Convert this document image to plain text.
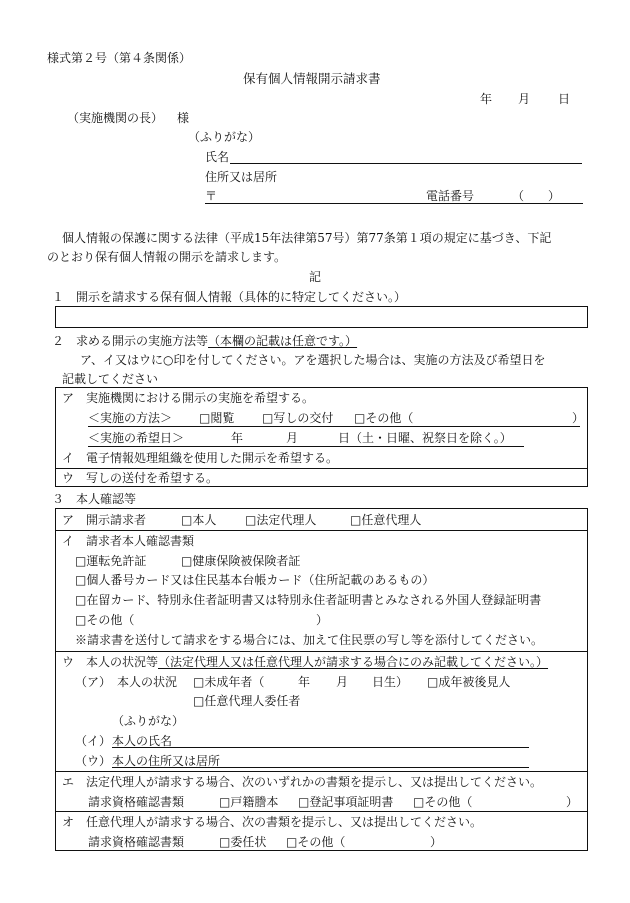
様式第２号（第４条関係）
保有個人情報開示請求書
年 月 日
（実施機関の長） 様
（ふりがな）
氏名
住所又は居所
〒	電話番号	（　　）
個人情報の保護に関する法律（平成15年法律第57号）第77条第１項の規定に基づき、下記
のとおり保有個人情報の開示を請求します。
記
１　開示を請求する保有個人情報（具体的に特定してください。）
２　求める開示の実施方法等（本欄の記載は任意です。）
ア、イ又はウに○印を付してください。アを選択した場合は、実施の方法及び希望日を
記載してください
ア　実施機関における開示の実施を希望する。
＜実施の方法＞ □閲覧 □写しの交付 □その他（	）
＜実施の希望日＞	年	月	日（土・日曜、祝祭日を除く。）
イ　電子情報処理組織を使用した開示を希望する。
ウ　写しの送付を希望する。
３　本人確認等
ア　開示請求者	□本人 □法定代理人	□任意代理人
イ　請求者本人確認書類
□運転免許証	□健康保険被保険者証
□個人番号カード又は住民基本台帳カード（住所記載のあるもの）
□在留カード、特別永住者証明書又は特別永住者証明書とみなされる外国人登録証明書
□その他（	）
※請求書を送付して請求をする場合には、加えて住民票の写し等を添付してください。
ウ　本人の状況等（法定代理人又は任意代理人が請求する場合にのみ記載してください。）
（ア）　本人の状況 □未成年者（	年 月 日生） □成年被後見人
□任意代理人委任者
（ふりがな）
（イ） 本人の氏名
（ウ） 本人の住所又は居所
エ　法定代理人が請求する場合、次のいずれかの書類を提示し、又は提出してください。
請求資格確認書類	□戸籍謄本 □登記事項証明書 □その他（	）
オ　任意代理人が請求する場合、次の書類を提示し、又は提出してください。
請求資格確認書類	□委任状 □その他（	）
